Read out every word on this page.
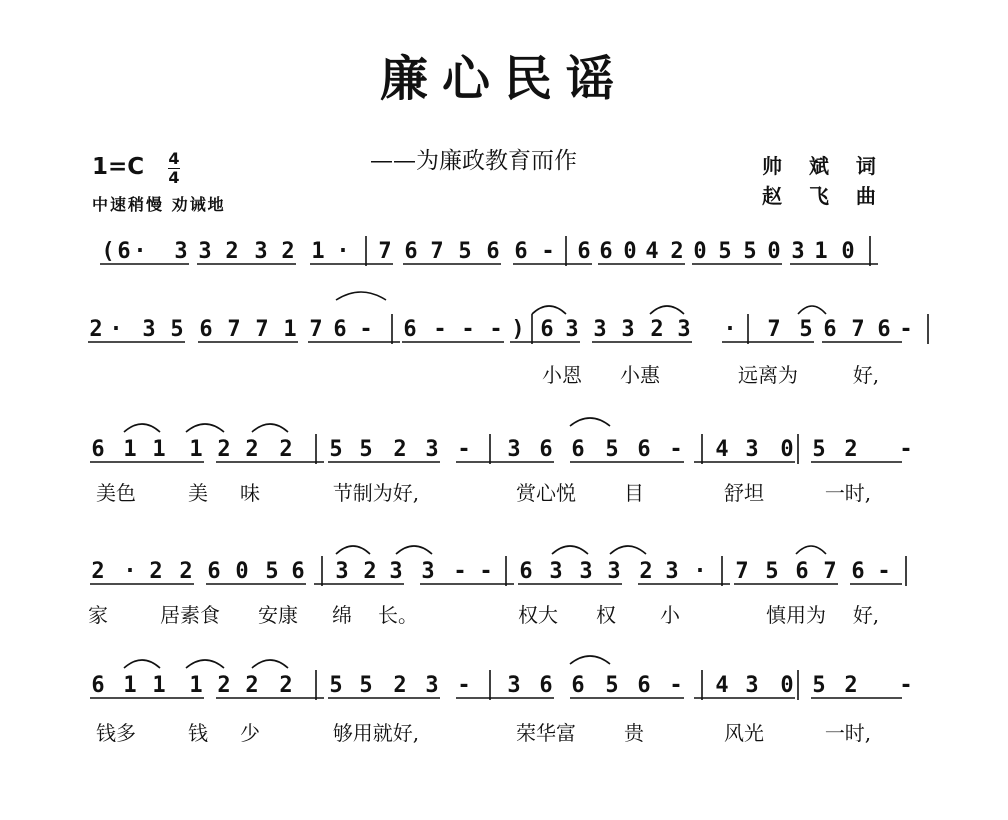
廉心民谣
——为廉政教育而作
1=C 4
4
中速稍慢 劝诫地
帅 斌 词
赵 飞 曲
( 6 · 3 3 2 3 2 1 · 7 6 7 5 6 6 - 6 6 0 4 2 0 5 5 0 3 1 0
2 · 3 5 6 7 7 1 7 6 - 6 - - - ) 6 3 3 3 2 3 · 7 5 6 7 6 -
小恩 小惠	远离为	好,
6 1 1 1 2 2 2 5 5 2 3 - 3 6 6 5 6 - 4 3 0 5 2 -
美色	美 味	节制为好,	赏心悦 目	舒坦	一时,
2 · 2 2 6 0 5 6 3 2 3 3 - - 6 3 3 3 2 3 · 7 5 6 7 6 -
家	居素食 安康 绵 长。	权大 权 小	慎用为 好,
6 1 1 1 2 2 2 5 5 2 3 - 3 6 6 5 6 - 4 3 0 5 2 -
钱多	钱 少	够用就好,	荣华富 贵	风光	一时,
